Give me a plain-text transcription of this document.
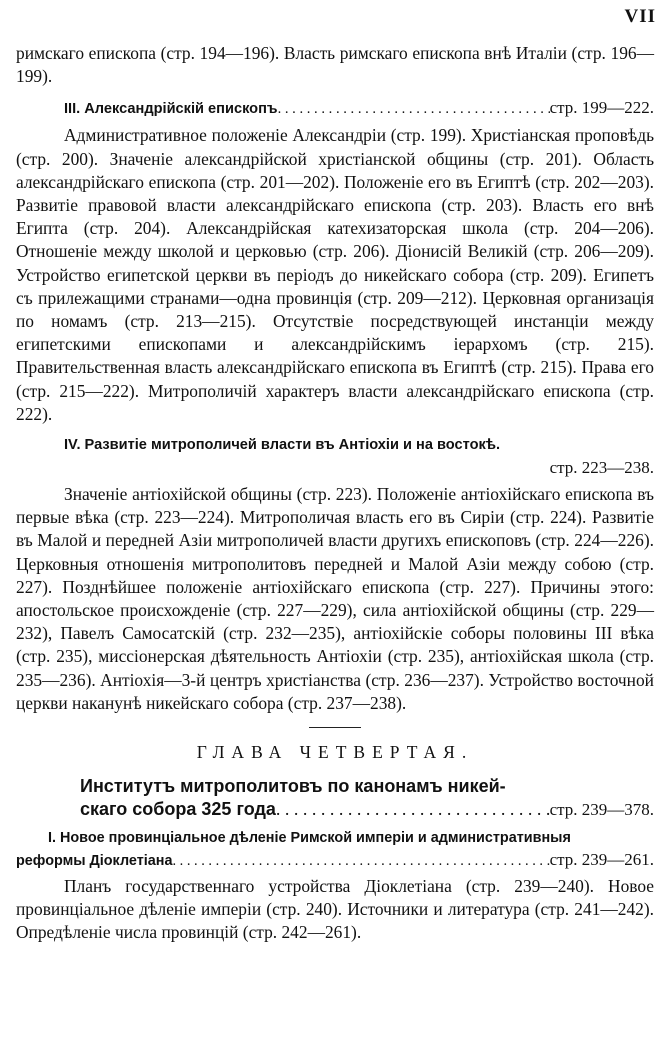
VII

римскаго епископа (стр. 194—196). Власть римскаго епископа внѣ Италіи (стр. 196—199).

III. Александрійскій епископъ . . .	стр. 199—222.

Административное положеніе Александріи (стр. 199). Христіанская проповѣдь (стр. 200). Значеніе александрійской христіанской общины (стр. 201). Область александрійскаго епископа (стр. 201—202). Положеніе его въ Египтѣ (стр. 202—203). Развитіе правовой власти александрійскаго епископа (стр. 203). Власть его внѣ Египта (стр. 204). Александрійская катехизаторская школа (стр. 204—206). Отношеніе между школой и церковью (стр. 206). Діонисій Великій (стр. 206—209). Устройство египетской церкви въ періодъ до никейскаго собора (стр. 209). Египетъ съ прилежащими странами—одна провинція (стр. 209—212). Церковная организація по номамъ (стр. 213—215). Отсутствіе посредствующей инстанціи между египетскими епископами и александрійскимъ іерархомъ (стр. 215). Правительственная власть александрійскаго епископа въ Египтѣ (стр. 215). Права его (стр. 215—222). Митрополичій характеръ власти александрійскаго епископа (стр. 222).

IV. Развитіе митрополичей власти въ Антіохіи и на востокѣ.
стр. 223—238.

Значеніе антіохійской общины (стр. 223). Положеніе антіохійскаго епископа въ первые вѣка (стр. 223—224). Митрополичая власть его въ Сиріи (стр. 224). Развитіе въ Малой и передней Азіи митрополичей власти другихъ епископовъ (стр. 224—226). Церковныя отношенія митрополитовъ передней и Малой Азіи между собою (стр. 227). Позднѣйшее положеніе антіохійскаго епископа (стр. 227). Причины этого: апостольское происхожденіе (стр. 227—229), сила антіохійской общины (стр. 229—232), Павелъ Самосатскій (стр. 232—235), антіохійскіе соборы половины III вѣка (стр. 235), миссіонерская дѣятельность Антіохіи (стр. 235), антіохійская школа (стр. 235—236). Антіохія—3-й центръ христіанства (стр. 236—237). Устройство восточной церкви наканунѣ никейскаго собора (стр. 237—238).

ГЛАВА ЧЕТВЕРТАЯ.
Институтъ митрополитовъ по канонамъ никей-
скаго собора 325 года . . .	стр. 239—378.
I. Новое провинціальное дѣленіе Римской имперіи и административныя
реформы Діоклетіана . . .	стр. 239—261.

Планъ государственнаго устройства Діоклетіана (стр. 239—240). Новое провинціальное дѣленіе имперіи (стр. 240). Источники и литература (стр. 241—242). Опредѣленіе числа провинцій (стр. 242—261).
